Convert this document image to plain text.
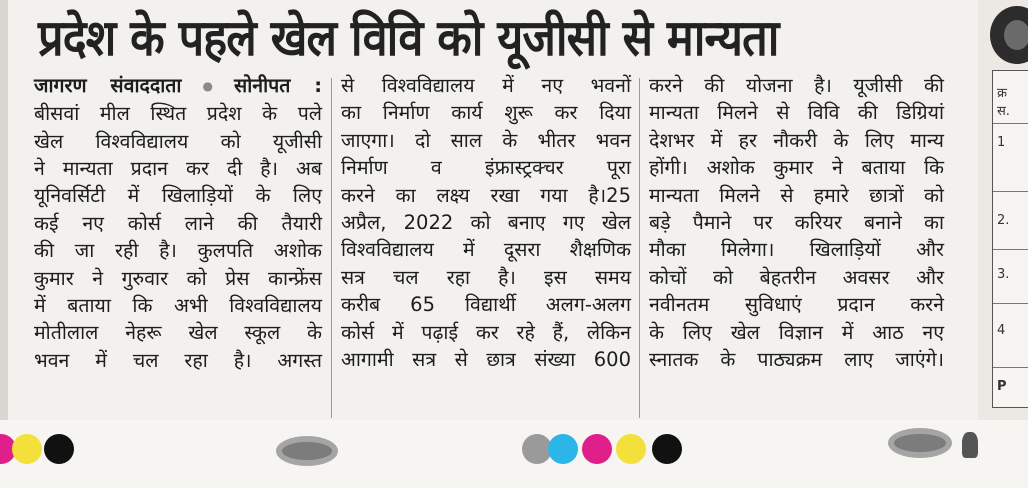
प्रदेश के पहले खेल विवि को यूजीसी से मान्यता

जागरण संवाददाता ● सोनीपत :

बीसवां मील स्थित प्रदेश के पले

खेल विश्वविद्यालय को यूजीसी

ने मान्यता प्रदान कर दी है। अब

यूनिवर्सिटी में खिलाड़ियों के लिए

कई नए कोर्स लाने की तैयारी

की जा रही है। कुलपति अशोक

कुमार ने गुरुवार को प्रेस कान्फ्रेंस

में बताया कि अभी विश्वविद्यालय

मोतीलाल नेहरू खेल स्कूल के

भवन में चल रहा है। अगस्त

से विश्वविद्यालय में नए भवनों

का निर्माण कार्य शुरू कर दिया

जाएगा। दो साल के भीतर भवन

निर्माण व इंफ्रास्ट्रक्चर पूरा

करने का लक्ष्य रखा गया है।25

अप्रैल, 2022 को बनाए गए खेल

विश्वविद्यालय में दूसरा शैक्षणिक

सत्र चल रहा है। इस समय

करीब 65 विद्यार्थी अलग-अलग

कोर्स में पढ़ाई कर रहे हैं, लेकिन

आगामी सत्र से छात्र संख्या 600

करने की योजना है। यूजीसी की

मान्यता मिलने से विवि की डिग्रियां

देशभर में हर नौकरी के लिए मान्य

होंगी। अशोक कुमार ने बताया कि

मान्यता मिलने से हमारे छात्रों को

बड़े पैमाने पर करियर बनाने का

मौका मिलेगा। खिलाड़ियों और

कोचों को बेहतरीन अवसर और

नवीनतम सुविधाएं प्रदान करने

के लिए खेल विज्ञान में आठ नए

स्नातक के पाठ्यक्रम लाए जाएंगे।

क्र
स.
1
2.
3.
4
P
